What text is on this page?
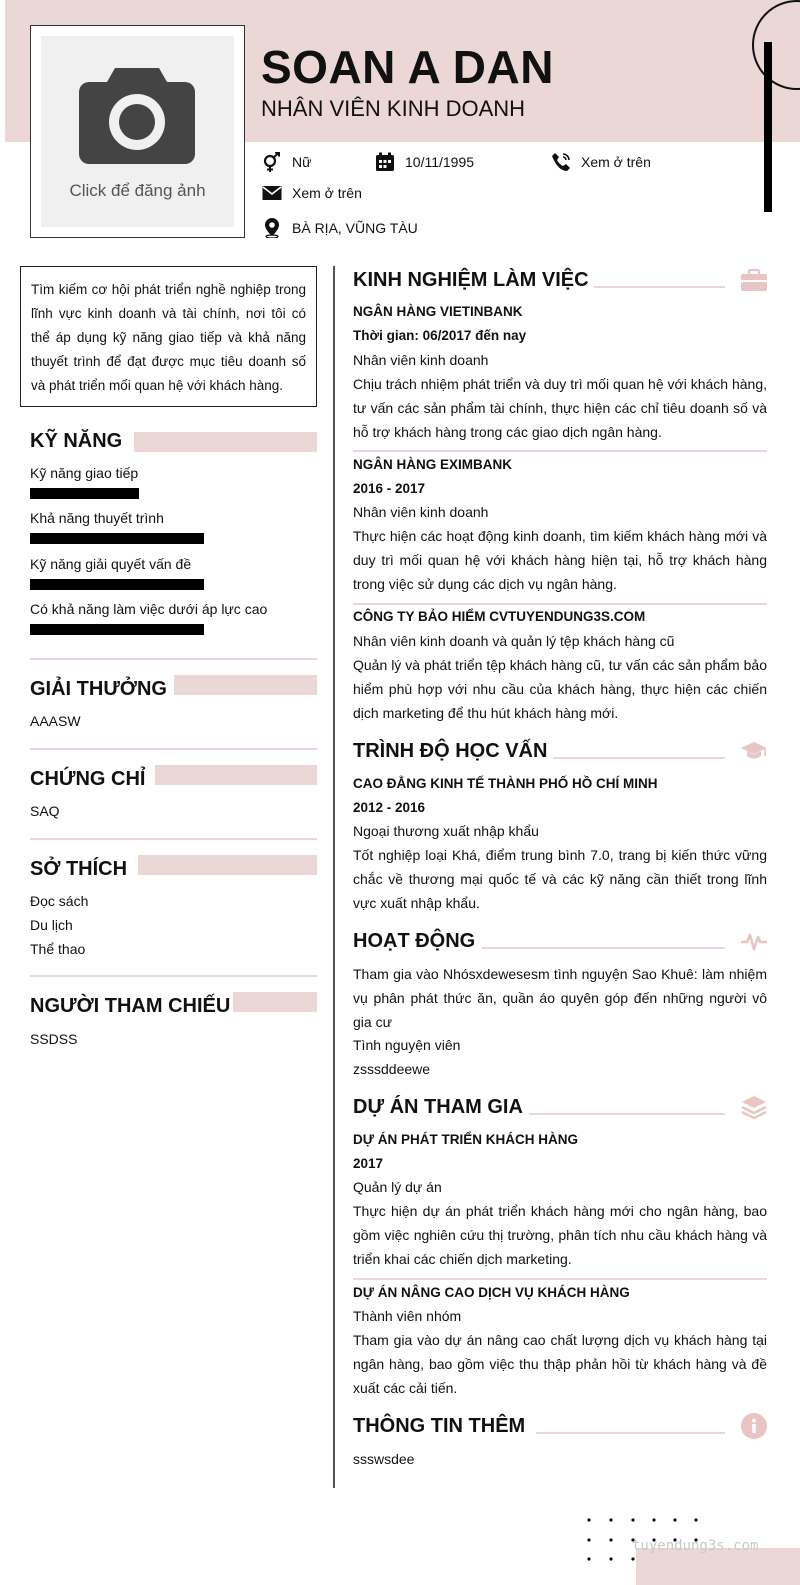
Click để đăng ảnh
SOAN A DAN
NHÂN VIÊN KINH DOANH
Nữ	10/11/1995	Xem ở trên
Xem ở trên
BÀ RỊA, VŨNG TÀU
Tìm kiếm cơ hội phát triển nghề nghiệp trong lĩnh vực kinh doanh và tài chính, nơi tôi có thể áp dụng kỹ năng giao tiếp và khả năng thuyết trình để đạt được mục tiêu doanh số và phát triển mối quan hệ với khách hàng.
KỸ NĂNG
Kỹ năng giao tiếp
Khả năng thuyết trình
Kỹ năng giải quyết vấn đề
Có khả năng làm việc dưới áp lực cao
GIẢI THƯỞNG
AAASW
CHỨNG CHỈ
SAQ
SỞ THÍCH
Đọc sách
Du lịch
Thể thao
NGƯỜI THAM CHIẾU
SSDSS
KINH NGHIỆM LÀM VIỆC
NGÂN HÀNG VIETINBANK
Thời gian: 06/2017 đến nay
Nhân viên kinh doanh
Chịu trách nhiệm phát triển và duy trì mối quan hệ với khách hàng, tư vấn các sản phẩm tài chính, thực hiện các chỉ tiêu doanh số và hỗ trợ khách hàng trong các giao dịch ngân hàng.
NGÂN HÀNG EXIMBANK
2016 - 2017
Nhân viên kinh doanh
Thực hiện các hoạt động kinh doanh, tìm kiếm khách hàng mới và duy trì mối quan hệ với khách hàng hiện tại, hỗ trợ khách hàng trong việc sử dụng các dịch vụ ngân hàng.
CÔNG TY BẢO HIỂM CVTUYENDUNG3S.COM
Nhân viên kinh doanh và quản lý tệp khách hàng cũ
Quản lý và phát triển tệp khách hàng cũ, tư vấn các sản phẩm bảo hiểm phù hợp với nhu cầu của khách hàng, thực hiện các chiến dịch marketing để thu hút khách hàng mới.
TRÌNH ĐỘ HỌC VẤN
CAO ĐẲNG KINH TẾ THÀNH PHỐ HỒ CHÍ MINH
2012 - 2016
Ngoại thương xuất nhập khẩu
Tốt nghiệp loại Khá, điểm trung bình 7.0, trang bị kiến thức vững chắc về thương mại quốc tế và các kỹ năng cần thiết trong lĩnh vực xuất nhập khẩu.
HOẠT ĐỘNG
Tham gia vào Nhósxdewesesm tình nguyện Sao Khuê: làm nhiệm vụ phân phát thức ăn, quần áo quyên góp đến những người vô gia cư
Tình nguyện viên
zsssddeewe
DỰ ÁN THAM GIA
DỰ ÁN PHÁT TRIỂN KHÁCH HÀNG
2017
Quản lý dự án
Thực hiện dự án phát triển khách hàng mới cho ngân hàng, bao gồm việc nghiên cứu thị trường, phân tích nhu cầu khách hàng và triển khai các chiến dịch marketing.
DỰ ÁN NÂNG CAO DỊCH VỤ KHÁCH HÀNG
Thành viên nhóm
Tham gia vào dự án nâng cao chất lượng dịch vụ khách hàng tại ngân hàng, bao gồm việc thu thập phản hồi từ khách hàng và đề xuất các cải tiến.
THÔNG TIN THÊM
ssswsdee
tuyendung3s.com
